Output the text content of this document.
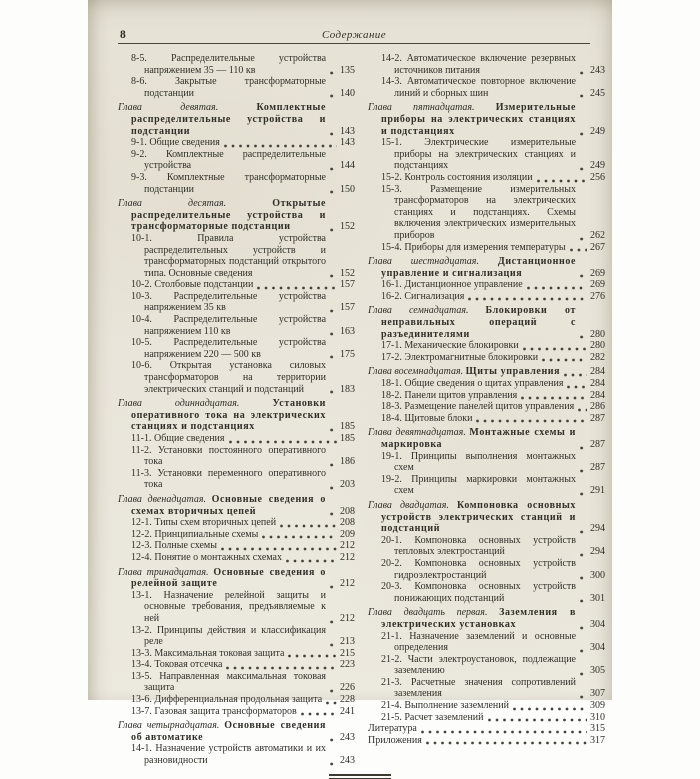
8	Содержание
8-5. Распределительные устройства напряжением 35 — 110 кв	135
8-6.	Закрытые трансформаторные подстанции	140
Глава девятая.	Комплектные распределительные устройства и подстанции	143
9-1. Общие сведения	143
9-2. Комплектные распределительные устройства	144
9-3. Комплектные трансформаторные подстанции	150
Глава десятая.	Открытые распределительные устройства и трансформаторные подстанции	152
10-1.	Правила устройства распределительных устройств и трансформаторных подстанций открытого типа. Основные сведения	152
10-2. Столбовые подстанции	157
10-3. Распределительные устройства напряжением 35 кв	157
10-4. Распределительные устройства напряжением 110 кв	163
10-5. Распределительные устройства напряжением 220 — 500 кв	175
10-6. Открытая установка силовых трансформаторов на территории электрических станций и подстанций	183
Глава одиннадцатая.	Установки оперативного тока на электрических станциях и подстанциях	185
11-1. Общие сведения	185
11-2. Установки постоянного оперативного тока	186
11-3. Установки переменного оперативного тока	203
Глава двенадцатая. Основные сведения о схемах вторичных цепей	208
12-1. Типы схем вторичных цепей	208
12-2. Принципиальные схемы	209
12-3. Полные схемы	212
12-4. Понятие о монтажных схемах	212
Глава тринадцатая. Основные сведения о релейной защите	212
13-1. Назначение релейной защиты и основные требования, предъявляемые к ней	212
13-2. Принципы действия и классификация реле	213
13-3. Максимальная токовая защита	215
13-4. Токовая отсечка	223
13-5. Направленная максимальная токовая защита	226
13-6. Дифференциальная продольная защита 228
13-7. Газовая защита трансформаторов	241
Глава четырнадцатая. Основные сведения об автоматике	243
14-1. Назначение устройств автоматики и их разновидности	243
14-2. Автоматическое включение резервных источников питания	243
14-3. Автоматическое повторное включение линий и сборных шин	245
Глава пятнадцатая. Измерительные приборы на электрических станциях и подстанциях	249
15-1. Электрические измерительные приборы на электрических станциях и подстанциях	249
15-2. Контроль состояния изоляции	256
15-3.	Размещение измерительных трансформаторов на электрических станциях и подстанциях. Схемы включения электрических измерительных приборов	262
15-4. Приборы для измерения температуры 267
Глава шестнадцатая. Дистанционное управление и сигнализация	269
16-1. Дистанционное управление	269
16-2. Сигнализация	276
Глава семнадцатая. Блокировки от неправильных операций с разъединителями	280
17-1. Механические блокировки	280
17-2. Электромагнитные блокировки	282
Глава восемнадцатая. Щиты управления	284
18-1. Общие сведения о щитах управления	284
18-2. Панели щитов управления	284
18-3. Размещение панелей щитов управления 286
18-4. Щитовые блоки	287
Глава девятнадцатая. Монтажные схемы и маркировка	287
19-1. Принципы выполнения монтажных схем	287
19-2. Принципы маркировки монтажных схем	291
Глава двадцатая. Компоновка основных устройств электрических станций и подстанций	294
20-1. Компоновка основных устройств тепловых электростанций	294
20-2. Компоновка основных устройств гидроэлектростанций	300
20-3. Компоновка основных устройств понижающих подстанций	301
Глава двадцать первая. Заземления в электрических установках	304
21-1. Назначение заземлений и основные определения	304
21-2. Части электроустановок, подлежащие заземлению	305
21-3. Расчетные значения сопротивлений заземления	307
21-4. Выполнение заземлений	309
21-5. Расчет заземлений	310
Литература	315
Приложения	317
